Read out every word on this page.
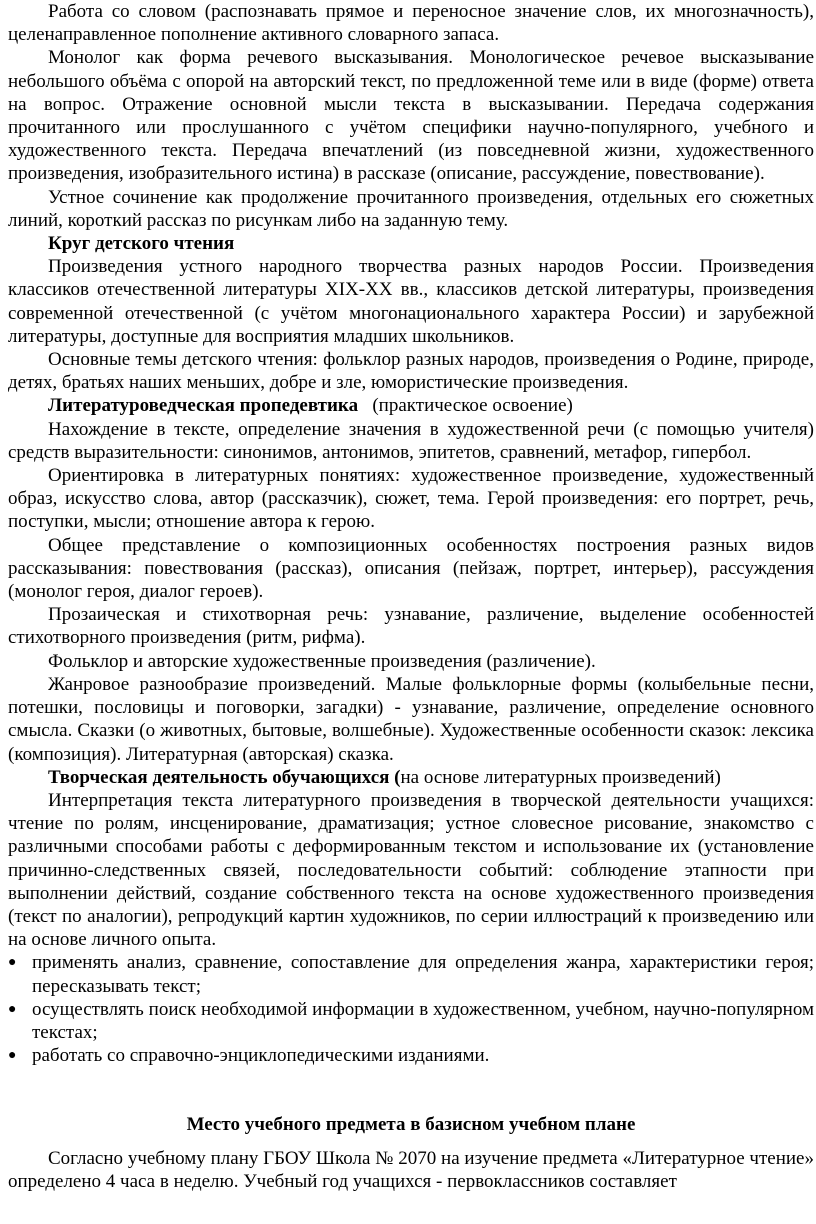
Работа со словом (распознавать прямое и переносное значение слов, их многозначность), целенаправленное пополнение активного словарного запаса.

Монолог как форма речевого высказывания. Монологическое речевое высказывание небольшого объёма с опорой на авторский текст, по предложенной теме или в виде (форме) ответа на вопрос. Отражение основной мысли текста в высказывании. Передача содержания прочитанного или прослушанного с учётом специфики научно-популярного, учебного и художественного текста. Передача впечатлений (из повседневной жизни, художественного произведения, изобразительного истина) в рассказе (описание, рассуждение, повествование).

Устное сочинение как продолжение прочитанного произведения, отдельных его сюжетных линий, короткий рассказ по рисункам либо на заданную тему.

Круг детского чтения

Произведения устного народного творчества разных народов России. Произведения классиков отечественной литературы XIX-XX вв., классиков детской литературы, произведения современной отечественной (с учётом многонационального характера России) и зарубежной литературы, доступные для восприятия младших школьников.

Основные темы детского чтения: фольклор разных народов, произведения о Родине, природе, детях, братьях наших меньших, добре и зле, юмористические произведения.

Литературоведческая пропедевтика (практическое освоение)

Нахождение в тексте, определение значения в художественной речи (с помощью учителя) средств выразительности: синонимов, антонимов, эпитетов, сравнений, метафор, гипербол.

Ориентировка в литературных понятиях: художественное произведение, художественный образ, искусство слова, автор (рассказчик), сюжет, тема. Герой произведения: его портрет, речь, поступки, мысли; отношение автора к герою.

Общее представление о композиционных особенностях построения разных видов рассказывания: повествования (рассказ), описания (пейзаж, портрет, интерьер), рассуждения (монолог героя, диалог героев).

Прозаическая и стихотворная речь: узнавание, различение, выделение особенностей стихотворного произведения (ритм, рифма).

Фольклор и авторские художественные произведения (различение).

Жанровое разнообразие произведений. Малые фольклорные формы (колыбельные песни, потешки, пословицы и поговорки, загадки) - узнавание, различение, определение основного смысла. Сказки (о животных, бытовые, волшебные). Художественные особенности сказок: лексика (композиция). Литературная (авторская) сказка.

Творческая деятельность обучающихся (на основе литературных произведений)

Интерпретация текста литературного произведения в творческой деятельности учащихся: чтение по ролям, инсценирование, драматизация; устное словесное рисование, знакомство с различными способами работы с деформированным текстом и использование их (установление причинно-следственных связей, последовательности событий: соблюдение этапности при выполнении действий, создание собственного текста на основе художественного произведения (текст по аналогии), репродукций картин художников, по серии иллюстраций к произведению или на основе личного опыта.

● применять анализ, сравнение, сопоставление для определения жанра, характеристики героя; пересказывать текст;
● осуществлять поиск необходимой информации в художественном, учебном, научно-популярном текстах;
● работать со справочно-энциклопедическими изданиями.

Место учебного предмета в базисном учебном плане

Согласно учебному плану ГБОУ Школа № 2070 на изучение предмета «Литературное чтение» определено 4 часа в неделю. Учебный год учащихся - первоклассников составляет
